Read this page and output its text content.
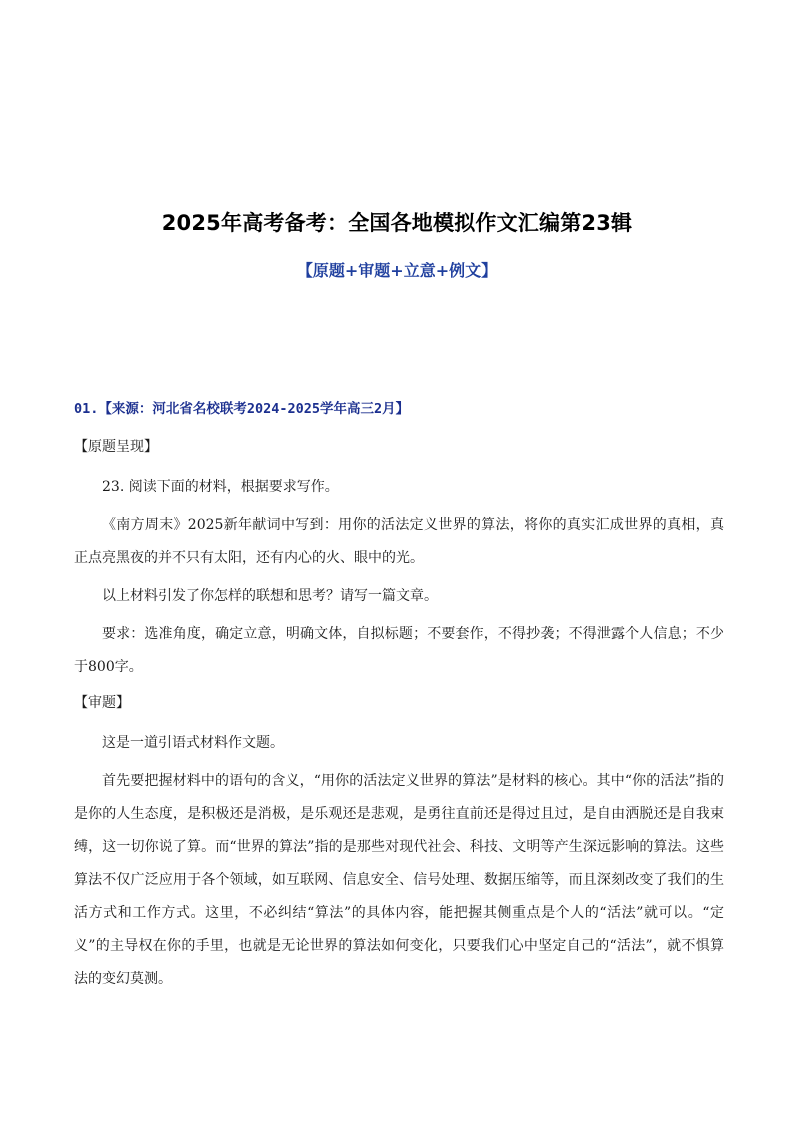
2025年高考备考：全国各地模拟作文汇编第23辑
【原题+审题+立意+例文】
01.【来源：河北省名校联考2024-2025学年高三2月】
【原题呈现】

23. 阅读下面的材料，根据要求写作。

《南方周末》2025新年献词中写到：用你的活法定义世界的算法，将你的真实汇成世界的真相，真正点亮黑夜的并不只有太阳，还有内心的火、眼中的光。

以上材料引发了你怎样的联想和思考？请写一篇文章。

要求：选准角度，确定立意，明确文体，自拟标题；不要套作，不得抄袭；不得泄露个人信息；不少于800字。

【审题】

这是一道引语式材料作文题。

首先要把握材料中的语句的含义，“用你的活法定义世界的算法”是材料的核心。其中“你的活法”指的是你的人生态度，是积极还是消极，是乐观还是悲观，是勇往直前还是得过且过，是自由洒脱还是自我束缚，这一切你说了算。而“世界的算法”指的是那些对现代社会、科技、文明等产生深远影响的算法。这些算法不仅广泛应用于各个领域，如互联网、信息安全、信号处理、数据压缩等，而且深刻改变了我们的生活方式和工作方式。这里，不必纠结“算法”的具体内容，能把握其侧重点是个人的“活法”就可以。“定义”的主导权在你的手里，也就是无论世界的算法如何变化，只要我们心中坚定自己的“活法”，就不惧算法的变幻莫测。
